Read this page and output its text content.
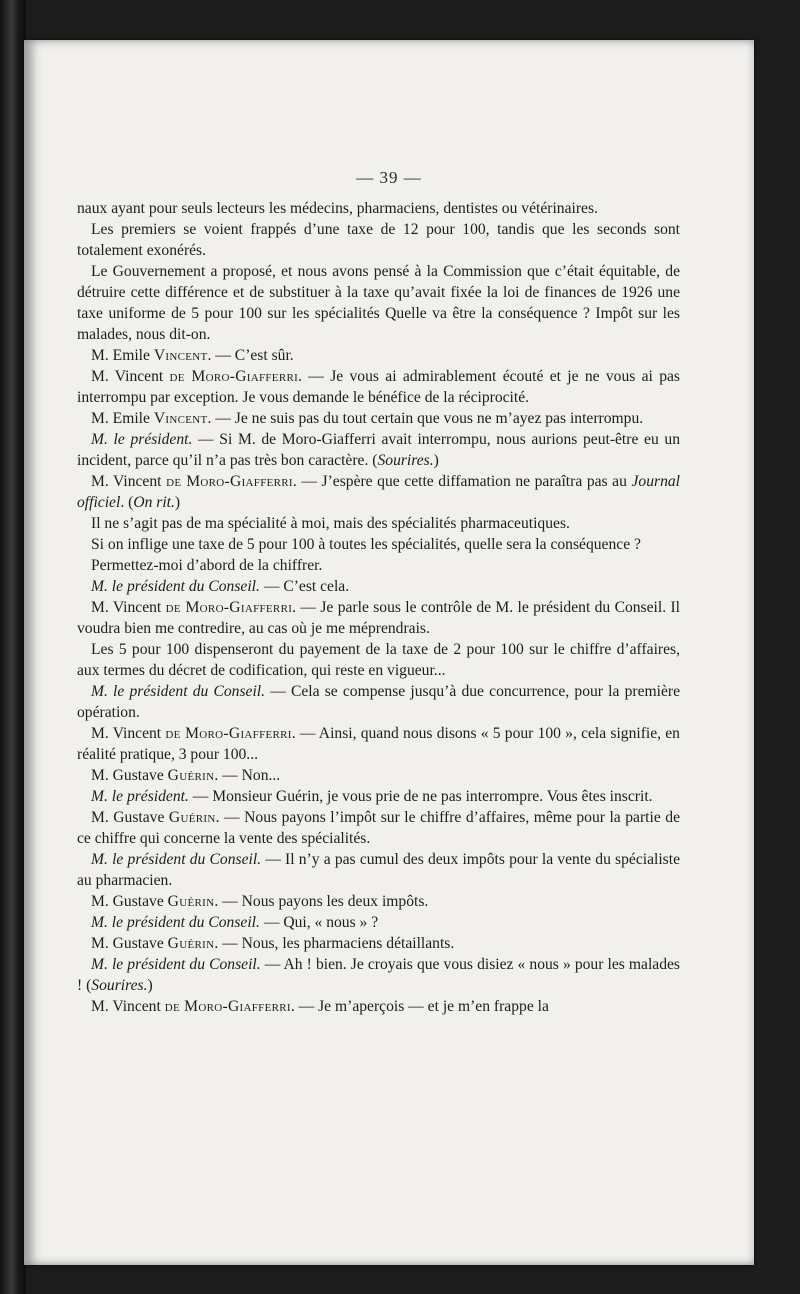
— 39 —

naux ayant pour seuls lecteurs les médecins, pharmaciens, dentistes ou vétérinaires.

Les premiers se voient frappés d’une taxe de 12 pour 100, tandis que les seconds sont totalement exonérés.

Le Gouvernement a proposé, et nous avons pensé à la Commission que c’était équitable, de détruire cette différence et de substituer à la taxe qu’avait fixée la loi de finances de 1926 une taxe uniforme de 5 pour 100 sur les spécialités Quelle va être la conséquence ? Impôt sur les malades, nous dit-on.

M. Emile Vincent. — C’est sûr.

M. Vincent de Moro-Giafferri. — Je vous ai admirablement écouté et je ne vous ai pas interrompu par exception. Je vous demande le bénéfice de la réciprocité.

M. Emile Vincent. — Je ne suis pas du tout certain que vous ne m’ayez pas interrompu.

M. le président. — Si M. de Moro-Giafferri avait interrompu, nous aurions peut-être eu un incident, parce qu’il n’a pas très bon caractère. (Sourires.)

M. Vincent de Moro-Giafferri. — J’espère que cette diffamation ne paraîtra pas au Journal officiel. (On rit.)

Il ne s’agit pas de ma spécialité à moi, mais des spécialités pharmaceutiques.

Si on inflige une taxe de 5 pour 100 à toutes les spécialités, quelle sera la conséquence ?

Permettez-moi d’abord de la chiffrer.

M. le président du Conseil. — C’est cela.

M. Vincent de Moro-Giafferri. — Je parle sous le contrôle de M. le président du Conseil. Il voudra bien me contredire, au cas où je me méprendrais.

Les 5 pour 100 dispenseront du payement de la taxe de 2 pour 100 sur le chiffre d’affaires, aux termes du décret de codification, qui reste en vigueur...

M. le président du Conseil. — Cela se compense jusqu’à due concurrence, pour la première opération.

M. Vincent de Moro-Giafferri. — Ainsi, quand nous disons « 5 pour 100 », cela signifie, en réalité pratique, 3 pour 100...

M. Gustave Guérin. — Non...

M. le président. — Monsieur Guérin, je vous prie de ne pas interrompre. Vous êtes inscrit.

M. Gustave Guérin. — Nous payons l’impôt sur le chiffre d’affaires, même pour la partie de ce chiffre qui concerne la vente des spécialités.

M. le président du Conseil. — Il n’y a pas cumul des deux impôts pour la vente du spécialiste au pharmacien.

M. Gustave Guérin. — Nous payons les deux impôts.

M. le président du Conseil. — Qui, « nous » ?

M. Gustave Guérin. — Nous, les pharmaciens détaillants.

M. le président du Conseil. — Ah ! bien. Je croyais que vous disiez « nous » pour les malades ! (Sourires.)

M. Vincent de Moro-Giafferri. — Je m’aperçois — et je m’en frappe la
